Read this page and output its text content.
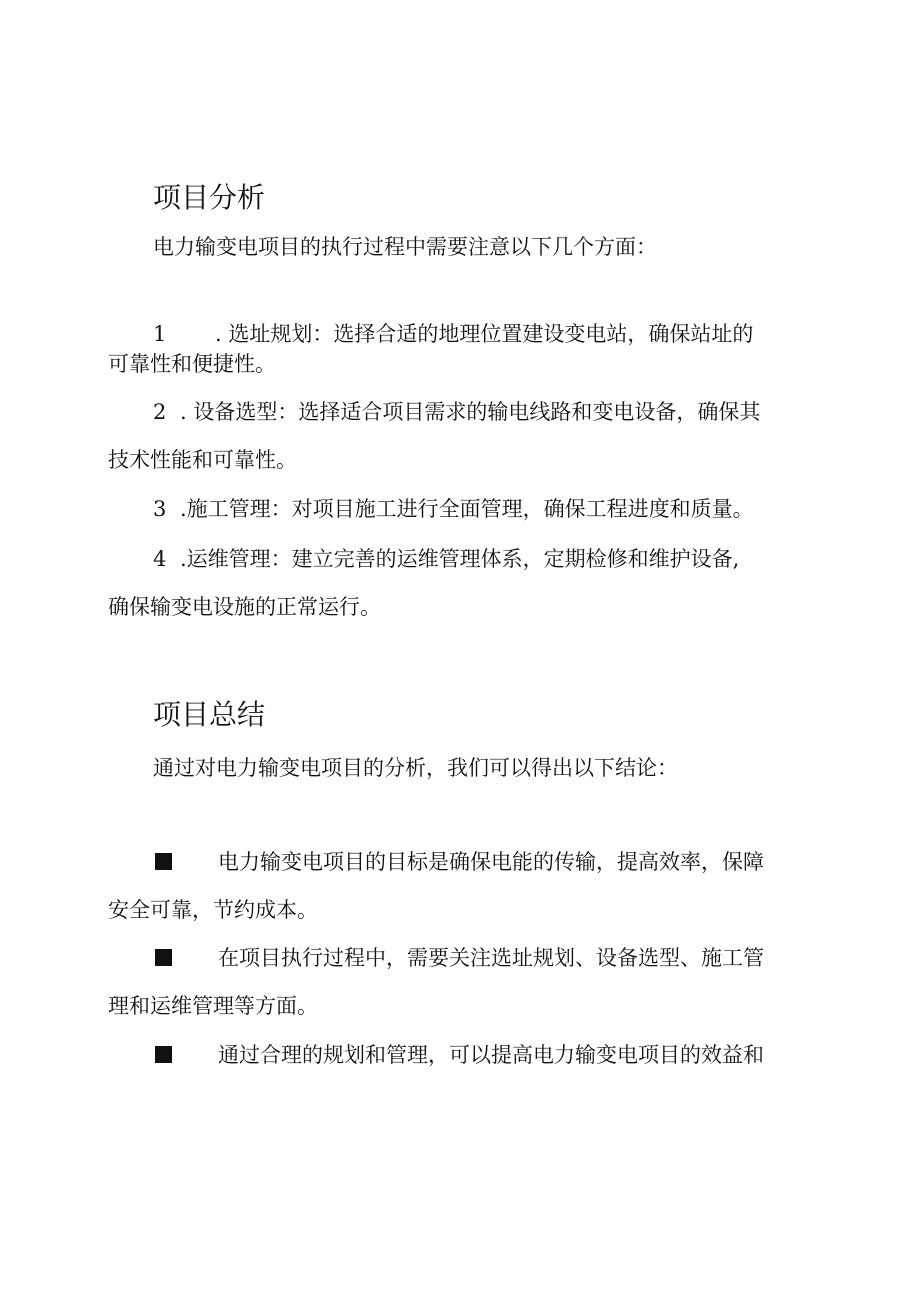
项目分析
电力输变电项目的执行过程中需要注意以下几个方面：
1 . 选址规划：选择合适的地理位置建设变电站，确保站址的
可靠性和便捷性。
2 . 设备选型：选择适合项目需求的输电线路和变电设备，确保其
技术性能和可靠性。
3 .施工管理：对项目施工进行全面管理，确保工程进度和质量。
4 .运维管理：建立完善的运维管理体系，定期检修和维护设备,
确保输变电设施的正常运行。
项目总结
通过对电力输变电项目的分析，我们可以得出以下结论：
电力输变电项目的目标是确保电能的传输，提高效率，保障
安全可靠，节约成本。
在项目执行过程中，需要关注选址规划、设备选型、施工管
理和运维管理等方面。
通过合理的规划和管理，可以提高电力输变电项目的效益和
